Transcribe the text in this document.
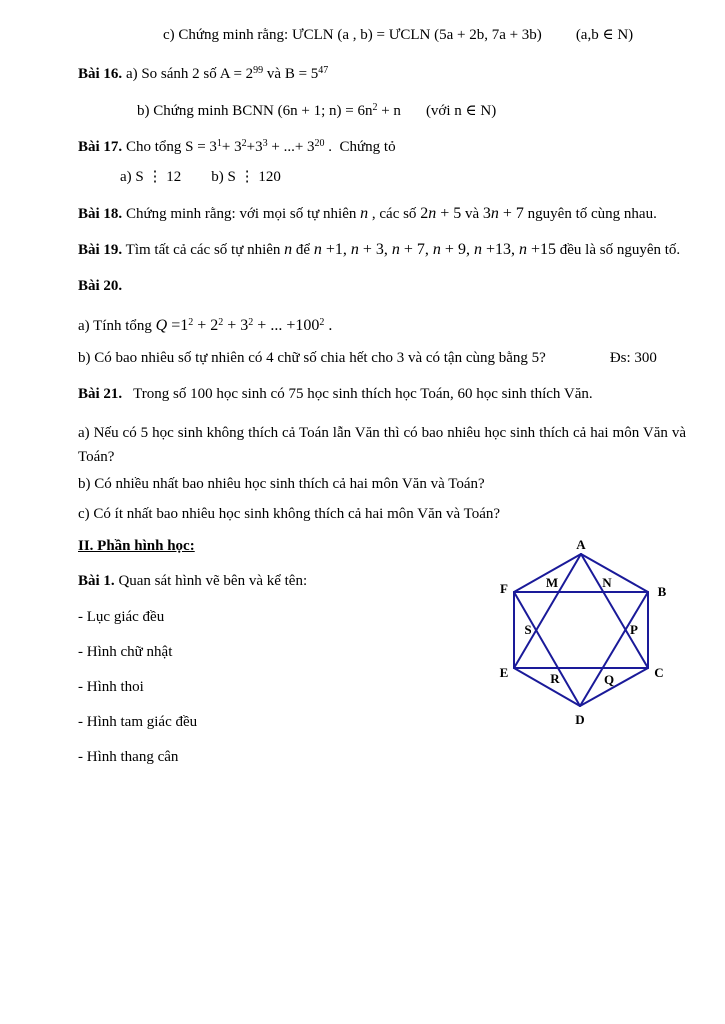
c) Chứng minh rằng: ƯCLN (a , b) = ƯCLN (5a + 2b, 7a + 3b) (a,b ∈ N)
Bài 16. a) So sánh 2 số $A = 2^{99}$ và $B = 5^{47}$
b) Chứng minh BCNN (6n + 1; $n) = 6n^2 + n$ (với n ∈ N)
Bài 17. Cho tổng $S = 3^1+ 3^2+3^3$ + ...+ $3^{20}$ .  Chứng tỏ
a) S ⋮ 12 b) S ⋮ 120
Bài 18. Chứng minh rằng: với mọi số tự nhiên n , các số 2n + 5 và 3n + 7 nguyên tố cùng nhau.
Bài 19. Tìm tất cả các số tự nhiên n để n +1, n + 3, n + 7, n + 9, n +13, n +15 đều là số nguyên tố.
Bài 20.
a) Tính tổng $Q =1^2 + 2^2 + 3^2$ + ... $+100^2$ .
b) Có bao nhiêu số tự nhiên có 4 chữ số chia hết cho 3 và có tận cùng bằng 5?	Đs: 300
Bài 21.   Trong số 100 học sinh có 75 học sinh thích học Toán, 60 học sinh thích Văn.
a) Nếu có 5 học sinh không thích cả Toán lẫn Văn thì có bao nhiêu học sinh thích cả hai môn Văn và Toán?
b) Có nhiều nhất bao nhiêu học sinh thích cả hai môn Văn và Toán?
c) Có ít nhất bao nhiêu học sinh không thích cả hai môn Văn và Toán?
II. Phần hình học:
Bài 1. Quan sát hình vẽ bên và kể tên:
- Lục giác đều
- Hình chữ nhật
- Hình thoi
- Hình tam giác đều
- Hình thang cân
A
B
C
D
E
F	M	N
S	P
R	Q
